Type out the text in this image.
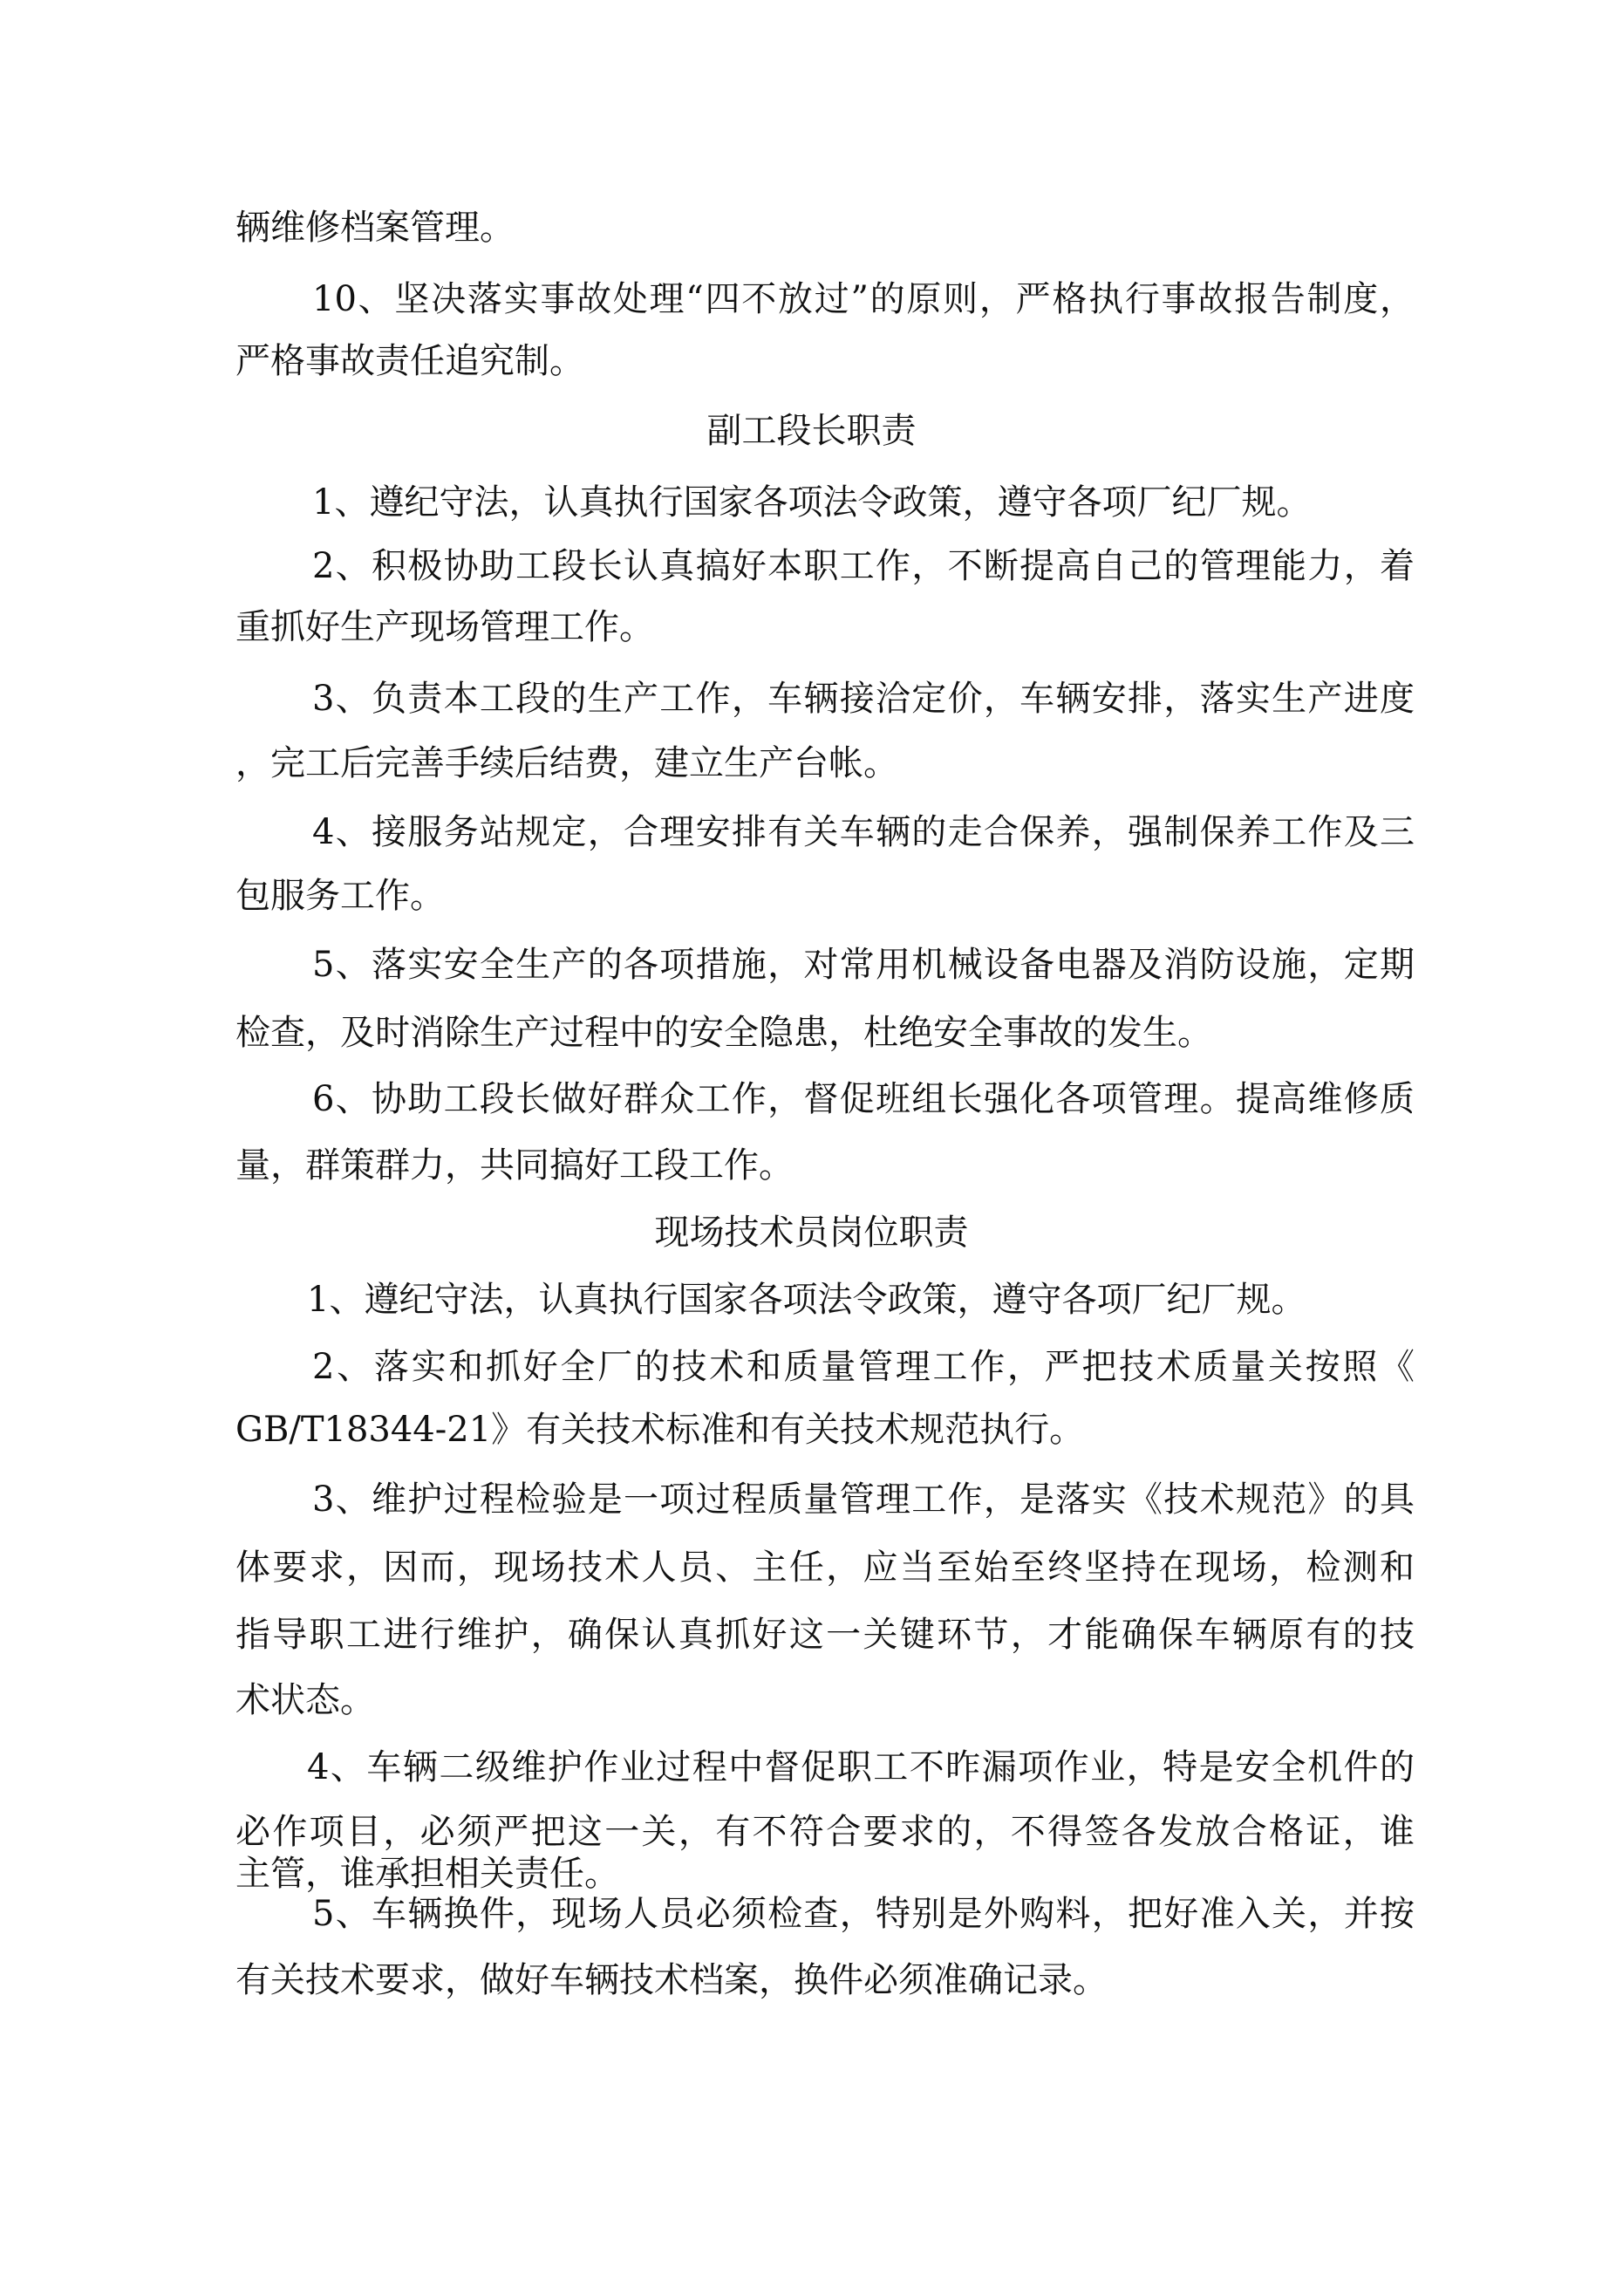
辆维修档案管理。
10、坚决落实事故处理“四不放过”的原则，严格执行事故报告制度，
严格事故责任追究制。
副工段长职责
1、遵纪守法，认真执行国家各项法令政策，遵守各项厂纪厂规。
2、积极协助工段长认真搞好本职工作，不断提高自己的管理能力，着
重抓好生产现场管理工作。
3、负责本工段的生产工作，车辆接洽定价，车辆安排，落实生产进度
，完工后完善手续后结费，建立生产台帐。
4、接服务站规定，合理安排有关车辆的走合保养，强制保养工作及三
包服务工作。
5、落实安全生产的各项措施，对常用机械设备电器及消防设施，定期
检查，及时消除生产过程中的安全隐患，杜绝安全事故的发生。
6、协助工段长做好群众工作，督促班组长强化各项管理。提高维修质
量，群策群力，共同搞好工段工作。
现场技术员岗位职责
1、遵纪守法，认真执行国家各项法令政策，遵守各项厂纪厂规。
2、落实和抓好全厂的技术和质量管理工作，严把技术质量关按照《
GB/T18344-21》有关技术标准和有关技术规范执行。
3、维护过程检验是一项过程质量管理工作，是落实《技术规范》的具
体要求，因而，现场技术人员、主任，应当至始至终坚持在现场，检测和
指导职工进行维护，确保认真抓好这一关键环节，才能确保车辆原有的技
术状态。
4、车辆二级维护作业过程中督促职工不昨漏项作业，特是安全机件的
必作项目，必须严把这一关，有不符合要求的，不得签各发放合格证，谁
主管，谁承担相关责任。
5、车辆换件，现场人员必须检查，特别是外购料，把好准入关，并按
有关技术要求，做好车辆技术档案，换件必须准确记录。
